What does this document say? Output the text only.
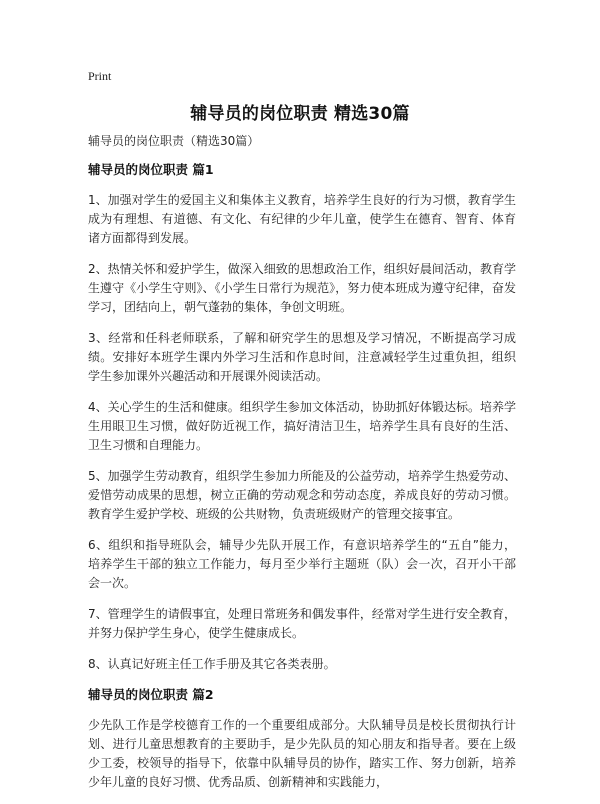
Print
辅导员的岗位职责 精选30篇
辅导员的岗位职责（精选30篇）
辅导员的岗位职责 篇1

1、加强对学生的爱国主义和集体主义教育，培养学生良好的行为习惯，教育学生成为有理想、有道德、有文化、有纪律的少年儿童，使学生在德育、智育、体育诸方面都得到发展。

2、热情关怀和爱护学生，做深入细致的思想政治工作，组织好晨间活动，教育学生遵守《小学生守则》、《小学生日常行为规范》，努力使本班成为遵守纪律，奋发学习，团结向上，朝气蓬勃的集体，争创文明班。

3、经常和任科老师联系，了解和研究学生的思想及学习情况，不断提高学习成绩。安排好本班学生课内外学习生活和作息时间，注意减轻学生过重负担，组织学生参加课外兴趣活动和开展课外阅读活动。

4、关心学生的生活和健康。组织学生参加文体活动，协助抓好体锻达标。培养学生用眼卫生习惯，做好防近视工作，搞好清洁卫生，培养学生具有良好的生活、卫生习惯和自理能力。

5、加强学生劳动教育，组织学生参加力所能及的公益劳动，培养学生热爱劳动、爱惜劳动成果的思想，树立正确的劳动观念和劳动态度，养成良好的劳动习惯。教育学生爱护学校、班级的公共财物，负责班级财产的管理交接事宜。

6、组织和指导班队会，辅导少先队开展工作，有意识培养学生的“五自”能力，培养学生干部的独立工作能力，每月至少举行主题班（队）会一次，召开小干部会一次。

7、管理学生的请假事宜，处理日常班务和偶发事件，经常对学生进行安全教育，并努力保护学生身心，使学生健康成长。

8、认真记好班主任工作手册及其它各类表册。

辅导员的岗位职责 篇2

少先队工作是学校德育工作的一个重要组成部分。大队辅导员是校长贯彻执行计划、进行儿童思想教育的主要助手，是少先队员的知心朋友和指导者。要在上级少工委，校领导的指导下，依靠中队辅导员的协作，踏实工作、努力创新，培养少年儿童的良好习惯、优秀品质、创新精神和实践能力，
